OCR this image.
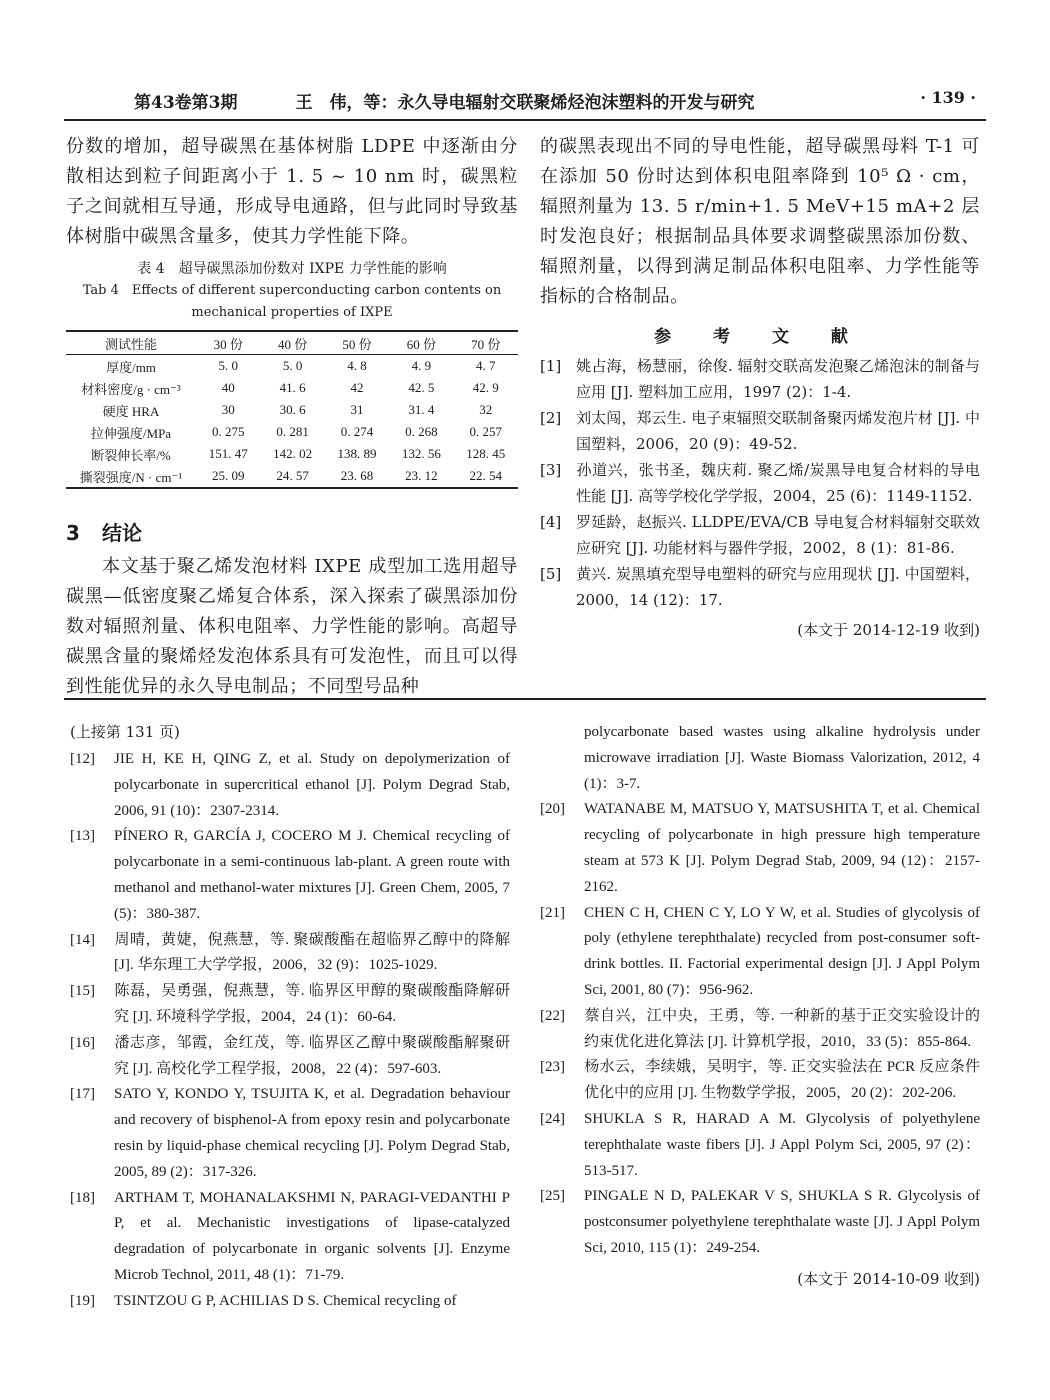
王　伟，等：永久导电辐射交联聚烯烃泡沫塑料的开发与研究
第43卷第3期	· 139 ·

份数的增加，超导碳黑在基体树脂 LDPE 中逐渐由分散相达到粒子间距离小于 1. 5 ~ 10 nm 时，碳黑粒子之间就相互导通，形成导电通路，但与此同时导致基体树脂中碳黑含量多，使其力学性能下降。

表 4　超导碳黑添加份数对 IXPE 力学性能的影响
Tab 4　Effects of different superconducting carbon contents on mechanical properties of IXPE
测试性能	30 份	40 份	50 份	60 份	70 份
厚度/mm	5. 0	5. 0	4. 8	4. 9	4. 7
材料密度/g · cm⁻³	40	41. 6	42	42. 5	42. 9
硬度 HRA	30	30. 6	31	31. 4	32
拉伸强度/MPa	0. 275	0. 281	0. 274	0. 268	0. 257
断裂伸长率/%	151. 47	142. 02	138. 89	132. 56	128. 45
撕裂强度/N · cm⁻¹	25. 09	24. 57	23. 68	23. 12	22. 54
3 结论

本文基于聚乙烯发泡材料 IXPE 成型加工选用超导碳黑—低密度聚乙烯复合体系，深入探索了碳黑添加份数对辐照剂量、体积电阻率、力学性能的影响。高超导碳黑含量的聚烯烃发泡体系具有可发泡性，而且可以得到性能优异的永久导电制品；不同型号品种

的碳黑表现出不同的导电性能，超导碳黑母料 T-1 可在添加 50 份时达到体积电阻率降到 10⁵ Ω · cm，辐照剂量为 13. 5 r/min+1. 5 MeV+15 mA+2 层时发泡良好；根据制品具体要求调整碳黑添加份数、辐照剂量，以得到满足制品体积电阻率、力学性能等指标的合格制品。

参 考 文 献

[1] 姚占海，杨慧丽，徐俊. 辐射交联高发泡聚乙烯泡沫的制备与应用 [J]. 塑料加工应用，1997 (2)：1-4.

[2] 刘太闯，郑云生. 电子束辐照交联制备聚丙烯发泡片材 [J]. 中国塑料，2006，20 (9)：49-52.

[3] 孙道兴，张书圣，魏庆莉. 聚乙烯/炭黑导电复合材料的导电性能 [J]. 高等学校化学学报，2004，25 (6)：1149-1152.

[4] 罗延龄，赵振兴. LLDPE/EVA/CB 导电复合材料辐射交联效应研究 [J]. 功能材料与器件学报，2002，8 (1)：81-86.

[5] 黄兴. 炭黑填充型导电塑料的研究与应用现状 [J]. 中国塑料，2000，14 (12)：17.

(本文于 2014-12-19 收到)
(上接第 131 页)

[12] JIE H, KE H, QING Z, et al. Study on depolymerization of polycarbonate in supercritical ethanol [J]. Polym Degrad Stab, 2006, 91 (10)：2307-2314.

[13] PÍNERO R, GARCÍA J, COCERO M J. Chemical recycling of polycarbonate in a semi-continuous lab-plant. A green route with methanol and methanol-water mixtures [J]. Green Chem, 2005, 7 (5)：380-387.

[14] 周晴，黄婕，倪燕慧，等. 聚碳酸酯在超临界乙醇中的降解 [J]. 华东理工大学学报，2006，32 (9)：1025-1029.

[15] 陈磊，吴勇强，倪燕慧，等. 临界区甲醇的聚碳酸酯降解研究 [J]. 环境科学学报，2004，24 (1)：60-64.

[16] 潘志彦，邹霞，金红茂，等. 临界区乙醇中聚碳酸酯解聚研究 [J]. 高校化学工程学报，2008，22 (4)：597-603.

[17] SATO Y, KONDO Y, TSUJITA K, et al. Degradation behaviour and recovery of bisphenol-A from epoxy resin and polycarbonate resin by liquid-phase chemical recycling [J]. Polym Degrad Stab, 2005, 89 (2)：317-326.

[18] ARTHAM T, MOHANALAKSHMI N, PARAGI-VEDANTHI P P, et al. Mechanistic investigations of lipase-catalyzed degradation of polycarbonate in organic solvents [J]. Enzyme Microb Technol, 2011, 48 (1)：71-79.

[19] TSINTZOU G P, ACHILIAS D S. Chemical recycling of

polycarbonate based wastes using alkaline hydrolysis under microwave irradiation [J]. Waste Biomass Valorization, 2012, 4 (1)：3-7.

[20] WATANABE M, MATSUO Y, MATSUSHITA T, et al. Chemical recycling of polycarbonate in high pressure high temperature steam at 573 K [J]. Polym Degrad Stab, 2009, 94 (12)：2157-2162.

[21] CHEN C H, CHEN C Y, LO Y W, et al. Studies of glycolysis of poly (ethylene terephthalate) recycled from post-consumer soft-drink bottles. II. Factorial experimental design [J]. J Appl Polym Sci, 2001, 80 (7)：956-962.

[22] 蔡自兴，江中央，王勇，等. 一种新的基于正交实验设计的约束优化进化算法 [J]. 计算机学报，2010，33 (5)：855-864.

[23] 杨水云，李续娥，吴明宇，等. 正交实验法在 PCR 反应条件优化中的应用 [J]. 生物数学学报，2005，20 (2)：202-206.

[24] SHUKLA S R, HARAD A M. Glycolysis of polyethylene terephthalate waste fibers [J]. J Appl Polym Sci, 2005, 97 (2)：513-517.

[25] PINGALE N D, PALEKAR V S, SHUKLA S R. Glycolysis of postconsumer polyethylene terephthalate waste [J]. J Appl Polym Sci, 2010, 115 (1)：249-254.

(本文于 2014-10-09 收到)
